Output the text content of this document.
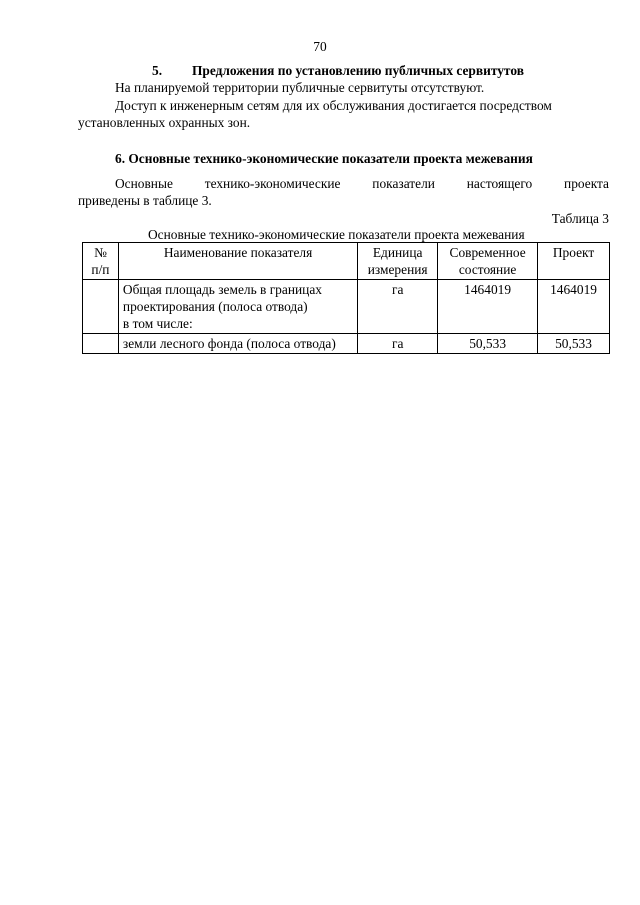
70
5. Предложения по установлению публичных сервитутов
На планируемой территории публичные сервитуты отсутствуют.
Доступ к инженерным сетям для их обслуживания достигается посредством
установленных охранных зон.
6. Основные технико-экономические показатели проекта межевания
Основные технико-экономические показатели настоящего проекта
приведены в таблице 3.
Таблица 3
Основные технико-экономические показатели проекта межевания
№ п/п	Наименование показателя	Единица измерения	Современное состояние	Проект

	Общая площадь земель в границах
проектирования (полоса отвода)
в том числе:	га	1464019	1464019
	земли лесного фонда (полоса отвода)	га	50,533	50,533
